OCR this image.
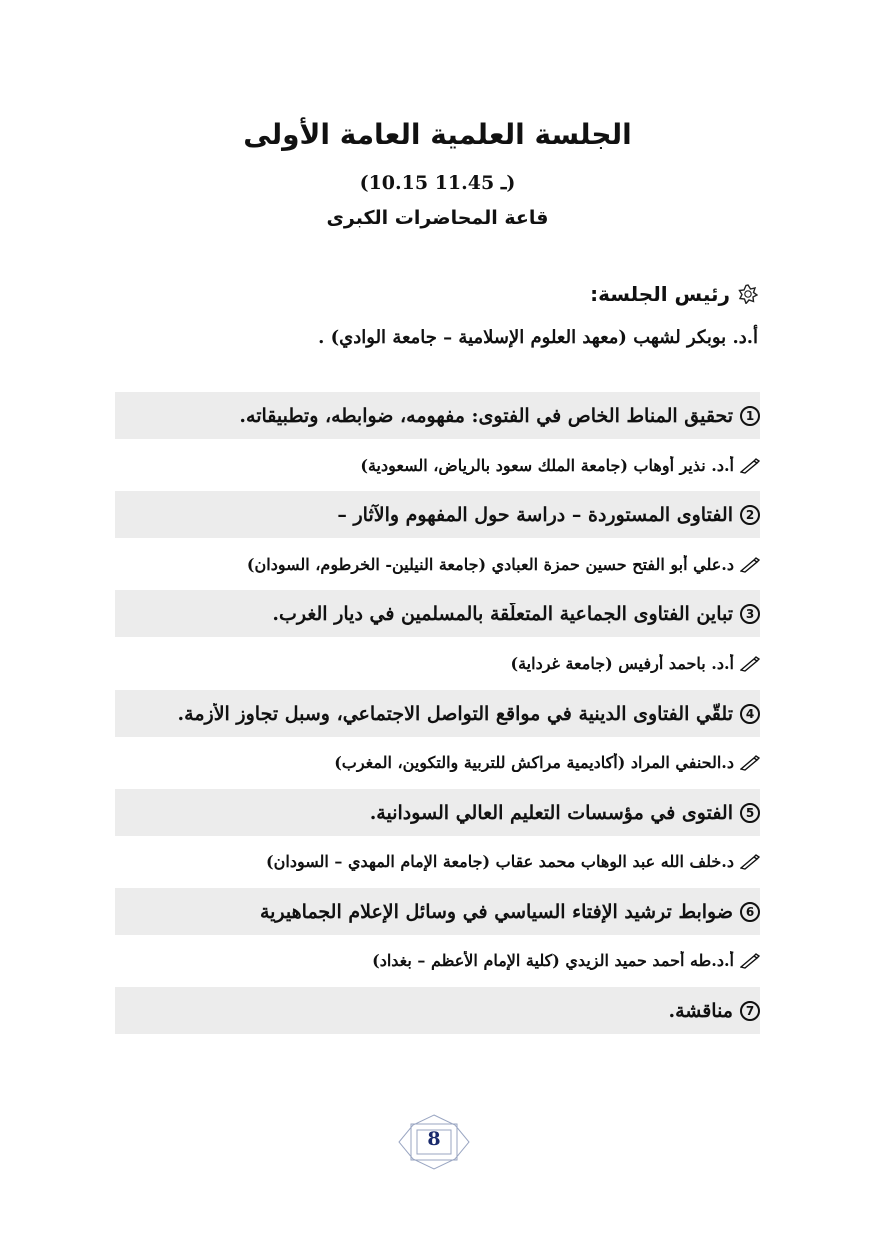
الجلسة العلمية العامة الأولى
(10.15 ـ 11.45)
قاعة المحاضرات الكبرى
رئيس الجلسة:
أ.د. بوبكر لشهب (معهد العلوم الإسلامية – جامعة الوادي) .
1
تحقيق المناط الخاص في الفتوى: مفهومه، ضوابطه، وتطبيقاته.
أ.د. نذير أوهاب (جامعة الملك سعود بالرياض، السعودية)
2
الفتاوى المستوردة – دراسة حول المفهوم والآثار –
د.علي أبو الفتح حسين حمزة العبادي (جامعة النيلين- الخرطوم، السودان)
3
تباين الفتاوى الجماعية المتعلّقة بالمسلمين في ديار الغرب.
أ.د. باحمد أرفيس (جامعة غرداية)
4
تلقّي الفتاوى الدينية في مواقع التواصل الاجتماعي، وسبل تجاوز الأزمة.
د.الحنفي المراد (أكاديمية مراكش للتربية والتكوين، المغرب)
5
الفتوى في مؤسسات التعليم العالي السودانية.
د.خلف الله عبد الوهاب محمد عقاب (جامعة الإمام المهدي – السودان)
6
ضوابط ترشيد الإفتاء السياسي في وسائل الإعلام الجماهيرية
أ.د.طه أحمد حميد الزيدي (كلية الإمام الأعظم – بغداد)
7
مناقشة.
8
